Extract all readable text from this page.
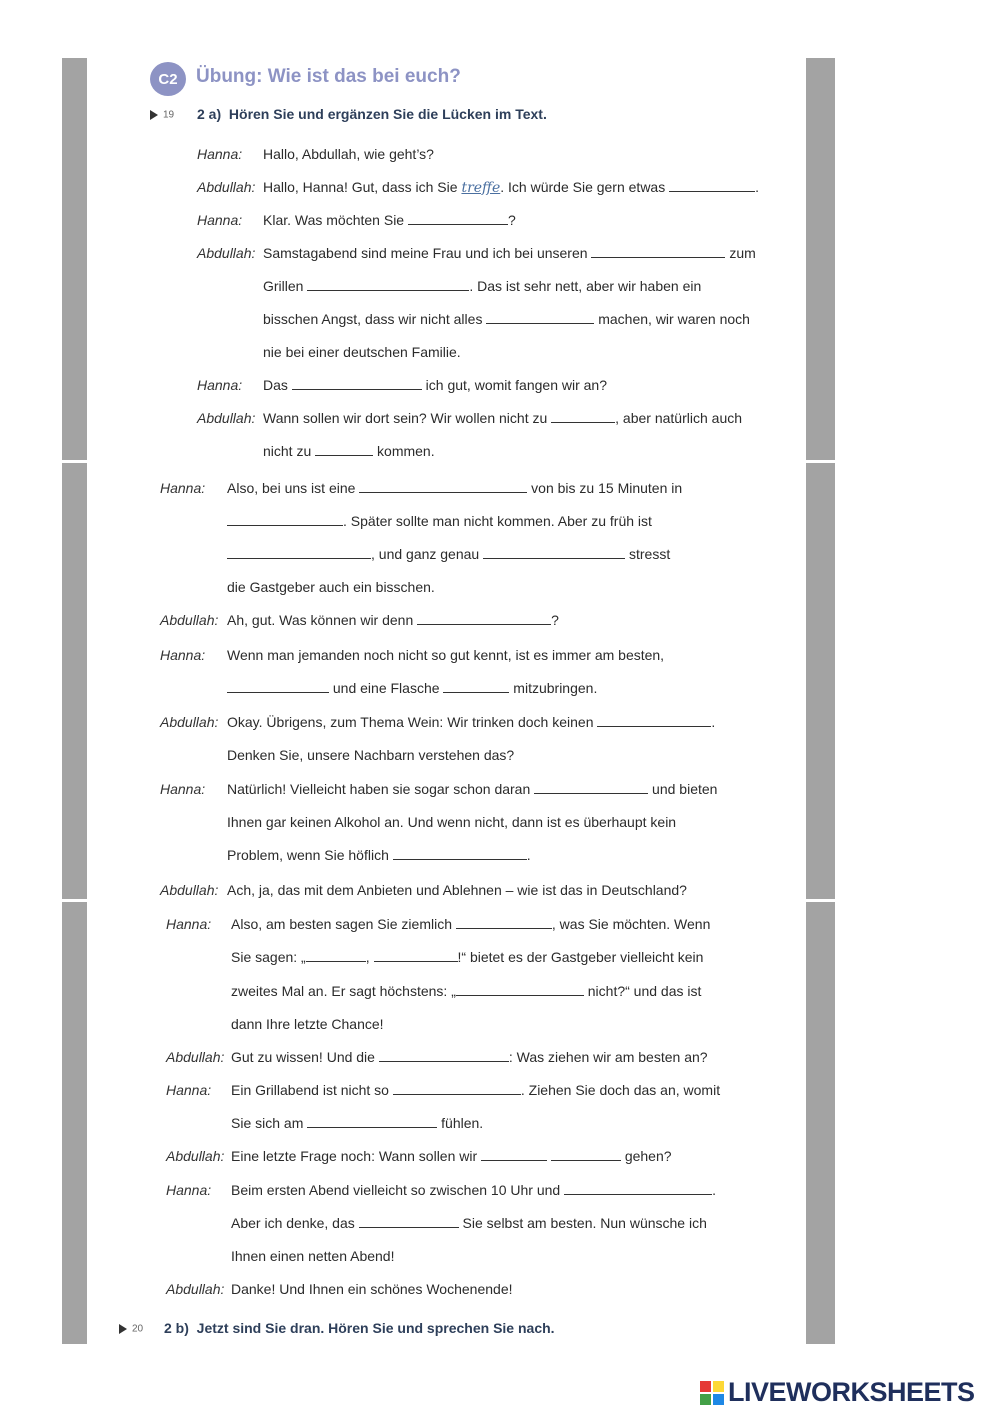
C2 Übung: Wie ist das bei euch?
19 2 a) Hören Sie und ergänzen Sie die Lücken im Text.
Hanna: Hallo, Abdullah, wie geht’s?
Abdullah: Hallo, Hanna! Gut, dass ich Sie treffe. Ich würde Sie gern etwas	.
Hanna: Klar. Was möchten Sie	?
Abdullah: Samstagabend sind meine Frau und ich bei unseren	zum
Grillen	. Das ist sehr nett, aber wir haben ein
bisschen Angst, dass wir nicht alles	machen, wir waren noch
nie bei einer deutschen Familie.
Hanna: Das	ich gut, womit fangen wir an?
Abdullah: Wann sollen wir dort sein? Wir wollen nicht zu	, aber natürlich auch
nicht zu	kommen.
Hanna: Also, bei uns ist eine	von bis zu 15 Minuten in
. Später sollte man nicht kommen. Aber zu früh ist
, und ganz genau	stresst
die Gastgeber auch ein bisschen.
Abdullah: Ah, gut. Was können wir denn	?
Hanna: Wenn man jemanden noch nicht so gut kennt, ist es immer am besten,
und eine Flasche	mitzubringen.
Abdullah: Okay. Übrigens, zum Thema Wein: Wir trinken doch keinen	.
Denken Sie, unsere Nachbarn verstehen das?
Hanna: Natürlich! Vielleicht haben sie sogar schon daran	und bieten
Ihnen gar keinen Alkohol an. Und wenn nicht, dann ist es überhaupt kein
Problem, wenn Sie höflich	.
Abdullah: Ach, ja, das mit dem Anbieten und Ablehnen – wie ist das in Deutschland?
Hanna: Also, am besten sagen Sie ziemlich	, was Sie möchten. Wenn
Sie sagen: „	,	!“ bietet es der Gastgeber vielleicht kein
zweites Mal an. Er sagt höchstens: „	nicht?“ und das ist
dann Ihre letzte Chance!
Abdullah: Gut zu wissen! Und die	: Was ziehen wir am besten an?
Hanna: Ein Grillabend ist nicht so	. Ziehen Sie doch das an, womit
Sie sich am	fühlen.
Abdullah: Eine letzte Frage noch: Wann sollen wir	gehen?
Hanna: Beim ersten Abend vielleicht so zwischen 10 Uhr und	.
Aber ich denke, das	Sie selbst am besten. Nun wünsche ich
Ihnen einen netten Abend!
Abdullah: Danke! Und Ihnen ein schönes Wochenende!
20 2 b) Jetzt sind Sie dran. Hören Sie und sprechen Sie nach.
LIVEWORKSHEETS
